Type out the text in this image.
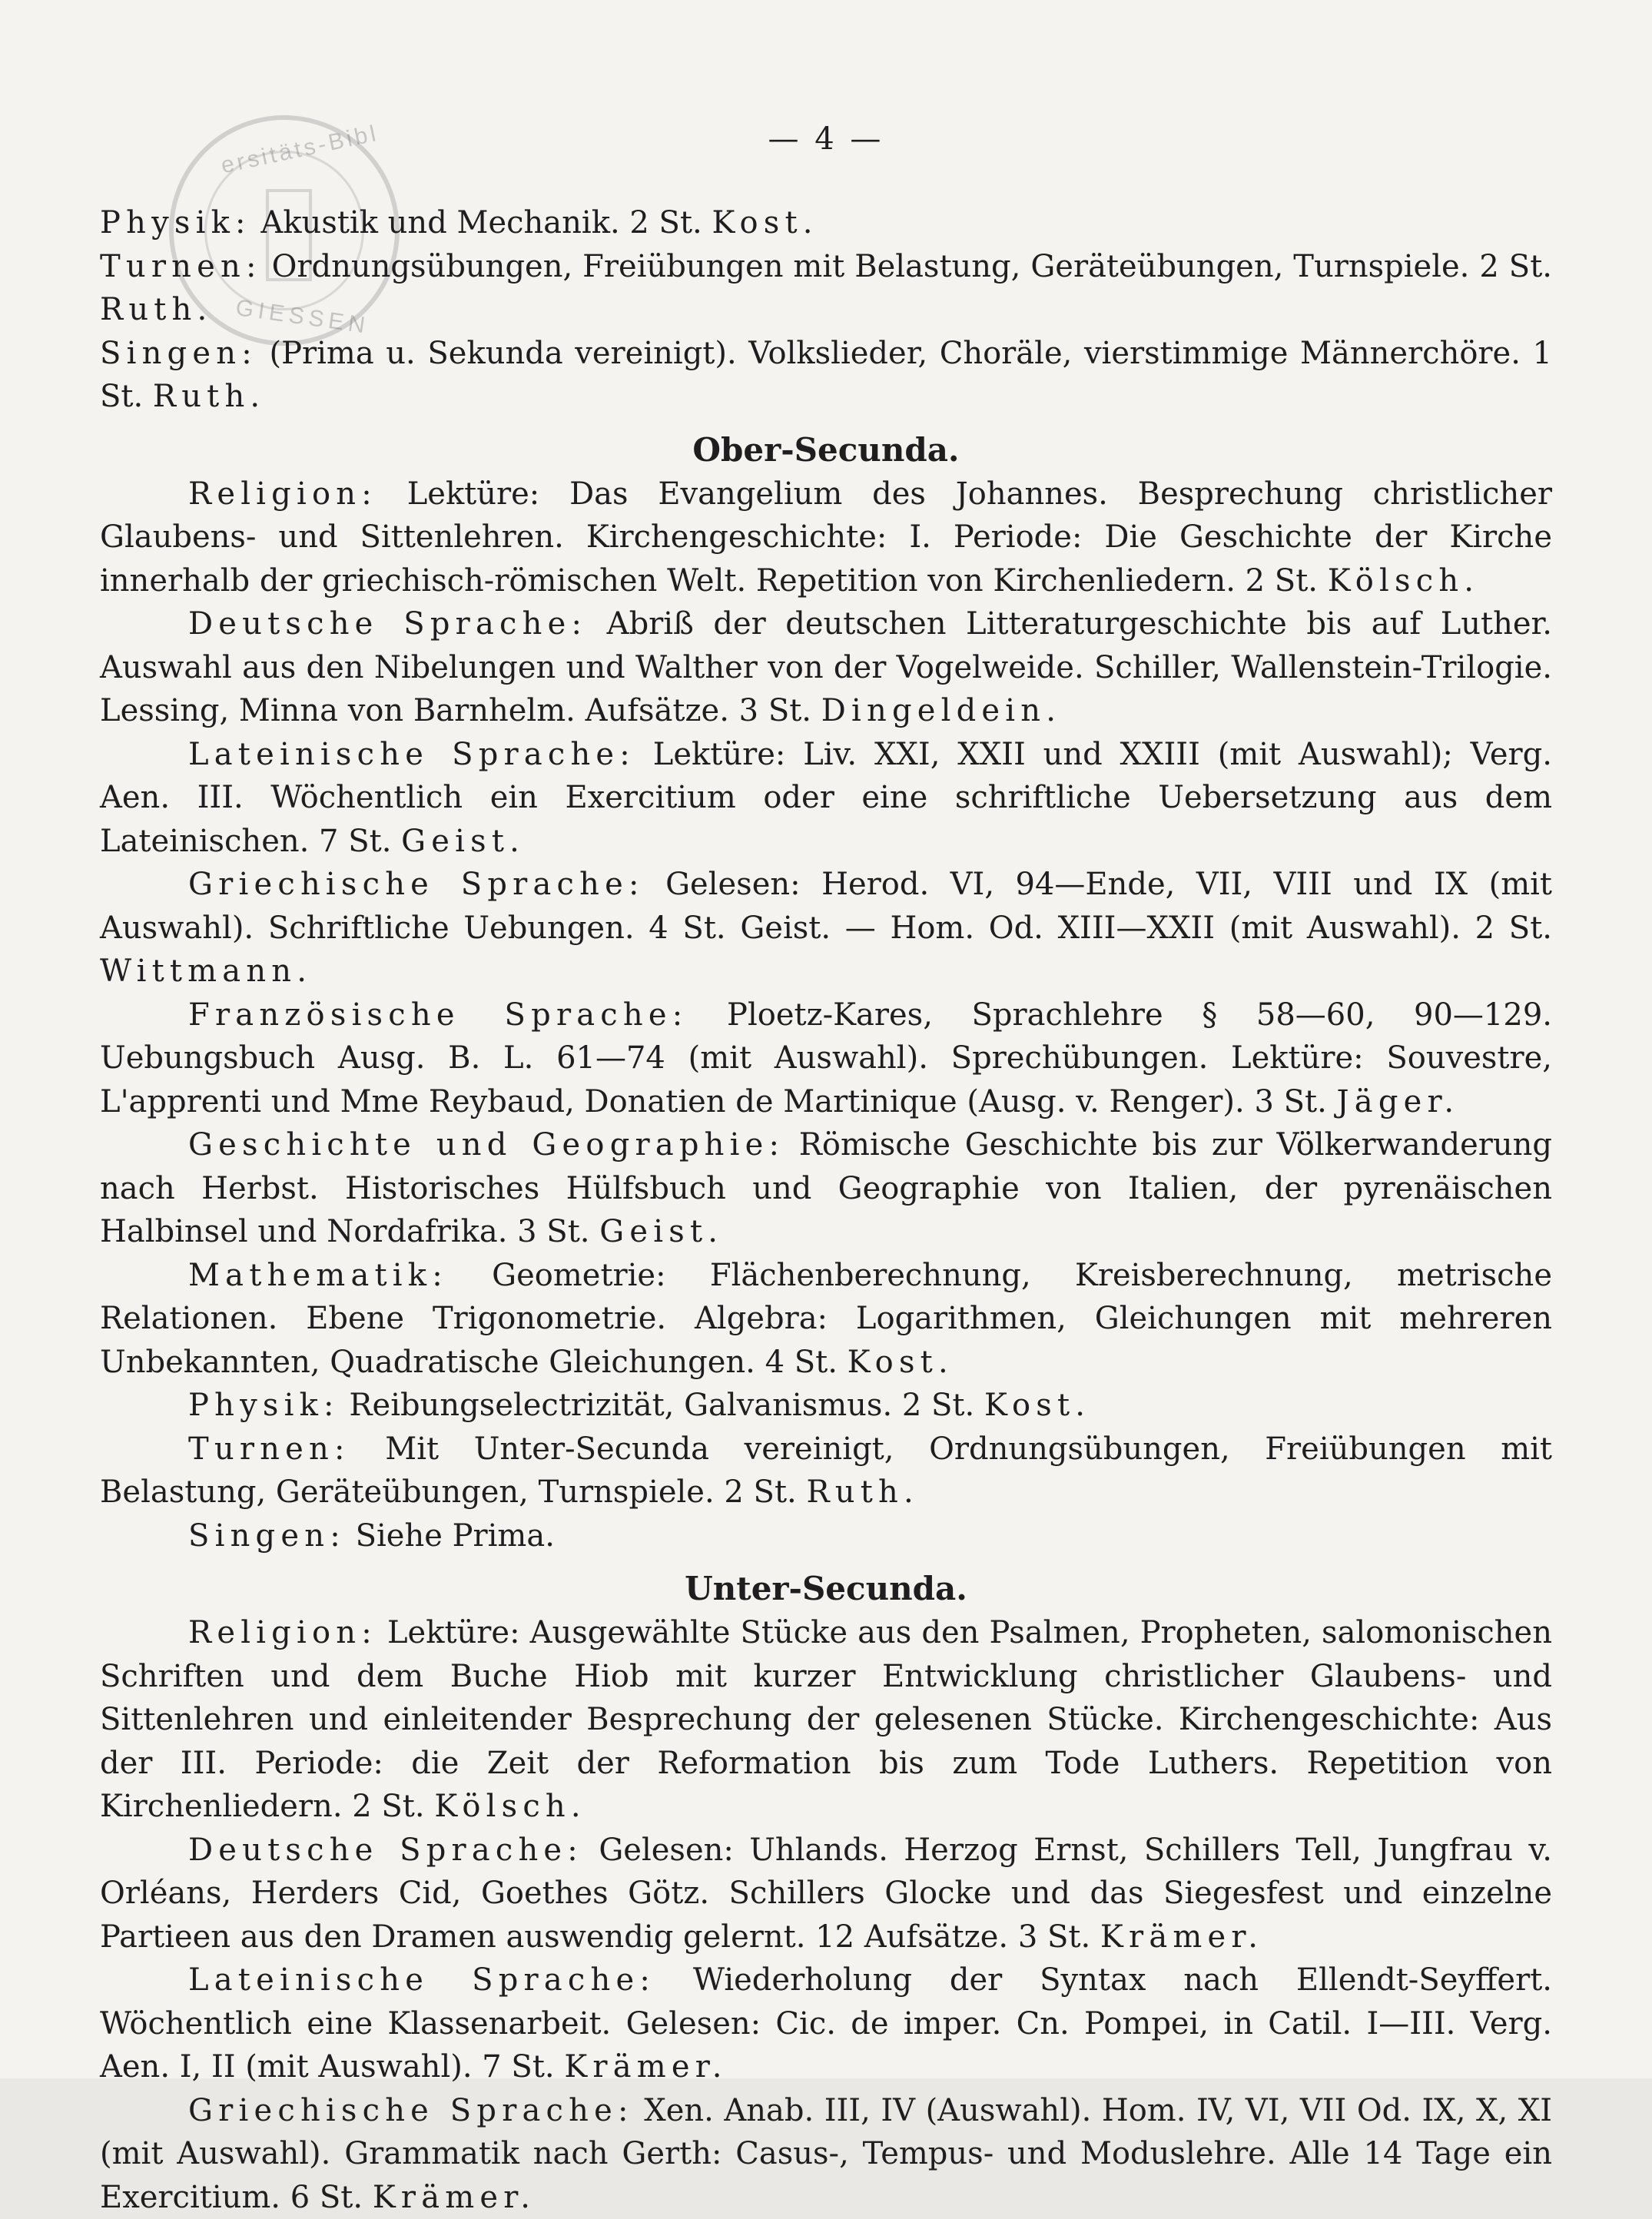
ersitäts-Bibl
GIESSEN
— 4 —

Physik: Akustik und Mechanik. 2 St. Kost.

Turnen: Ordnungsübungen, Freiübungen mit Belastung, Geräteübungen, Turnspiele. 2 St. Ruth.

Singen: (Prima u. Sekunda vereinigt). Volkslieder, Choräle, vierstimmige Männerchöre. 1 St. Ruth.

Ober-Secunda.

Religion: Lektüre: Das Evangelium des Johannes. Besprechung christlicher Glaubens- und Sittenlehren. Kirchengeschichte: I. Periode: Die Geschichte der Kirche innerhalb der griechisch-römischen Welt. Repetition von Kirchenliedern. 2 St. Kölsch.

Deutsche Sprache: Abriß der deutschen Litteraturgeschichte bis auf Luther. Auswahl aus den Nibelungen und Walther von der Vogelweide. Schiller, Wallenstein-Trilogie. Lessing, Minna von Barnhelm. Aufsätze. 3 St. Dingeldein.

Lateinische Sprache: Lektüre: Liv. XXI, XXII und XXIII (mit Auswahl); Verg. Aen. III. Wöchentlich ein Exercitium oder eine schriftliche Uebersetzung aus dem Lateinischen. 7 St. Geist.

Griechische Sprache: Gelesen: Herod. VI, 94—Ende, VII, VIII und IX (mit Auswahl). Schriftliche Uebungen. 4 St. Geist. — Hom. Od. XIII—XXII (mit Auswahl). 2 St. Wittmann.

Französische Sprache: Ploetz-Kares, Sprachlehre § 58—60, 90—129. Uebungsbuch Ausg. B. L. 61—74 (mit Auswahl). Sprechübungen. Lektüre: Souvestre, L'apprenti und Mme Reybaud, Donatien de Martinique (Ausg. v. Renger). 3 St. Jäger.

Geschichte und Geographie: Römische Geschichte bis zur Völkerwanderung nach Herbst. Historisches Hülfsbuch und Geographie von Italien, der pyrenäischen Halbinsel und Nordafrika. 3 St. Geist.

Mathematik: Geometrie: Flächenberechnung, Kreisberechnung, metrische Relationen. Ebene Trigonometrie. Algebra: Logarithmen, Gleichungen mit mehreren Unbekannten, Quadratische Gleichungen. 4 St. Kost.

Physik: Reibungselectrizität, Galvanismus. 2 St. Kost.

Turnen: Mit Unter-Secunda vereinigt, Ordnungsübungen, Freiübungen mit Belastung, Geräteübungen, Turnspiele. 2 St. Ruth.

Singen: Siehe Prima.

Unter-Secunda.

Religion: Lektüre: Ausgewählte Stücke aus den Psalmen, Propheten, salomonischen Schriften und dem Buche Hiob mit kurzer Entwicklung christlicher Glaubens- und Sittenlehren und einleitender Besprechung der gelesenen Stücke. Kirchengeschichte: Aus der III. Periode: die Zeit der Reformation bis zum Tode Luthers. Repetition von Kirchenliedern. 2 St. Kölsch.

Deutsche Sprache: Gelesen: Uhlands. Herzog Ernst, Schillers Tell, Jungfrau v. Orléans, Herders Cid, Goethes Götz. Schillers Glocke und das Siegesfest und einzelne Partieen aus den Dramen auswendig gelernt. 12 Aufsätze. 3 St. Krämer.

Lateinische Sprache: Wiederholung der Syntax nach Ellendt-Seyffert. Wöchentlich eine Klassenarbeit. Gelesen: Cic. de imper. Cn. Pompei, in Catil. I—III. Verg. Aen. I, II (mit Auswahl). 7 St. Krämer.

Griechische Sprache: Xen. Anab. III, IV (Auswahl). Hom. IV, VI, VII Od. IX, X, XI (mit Auswahl). Grammatik nach Gerth: Casus-, Tempus- und Moduslehre. Alle 14 Tage ein Exercitium. 6 St. Krämer.
